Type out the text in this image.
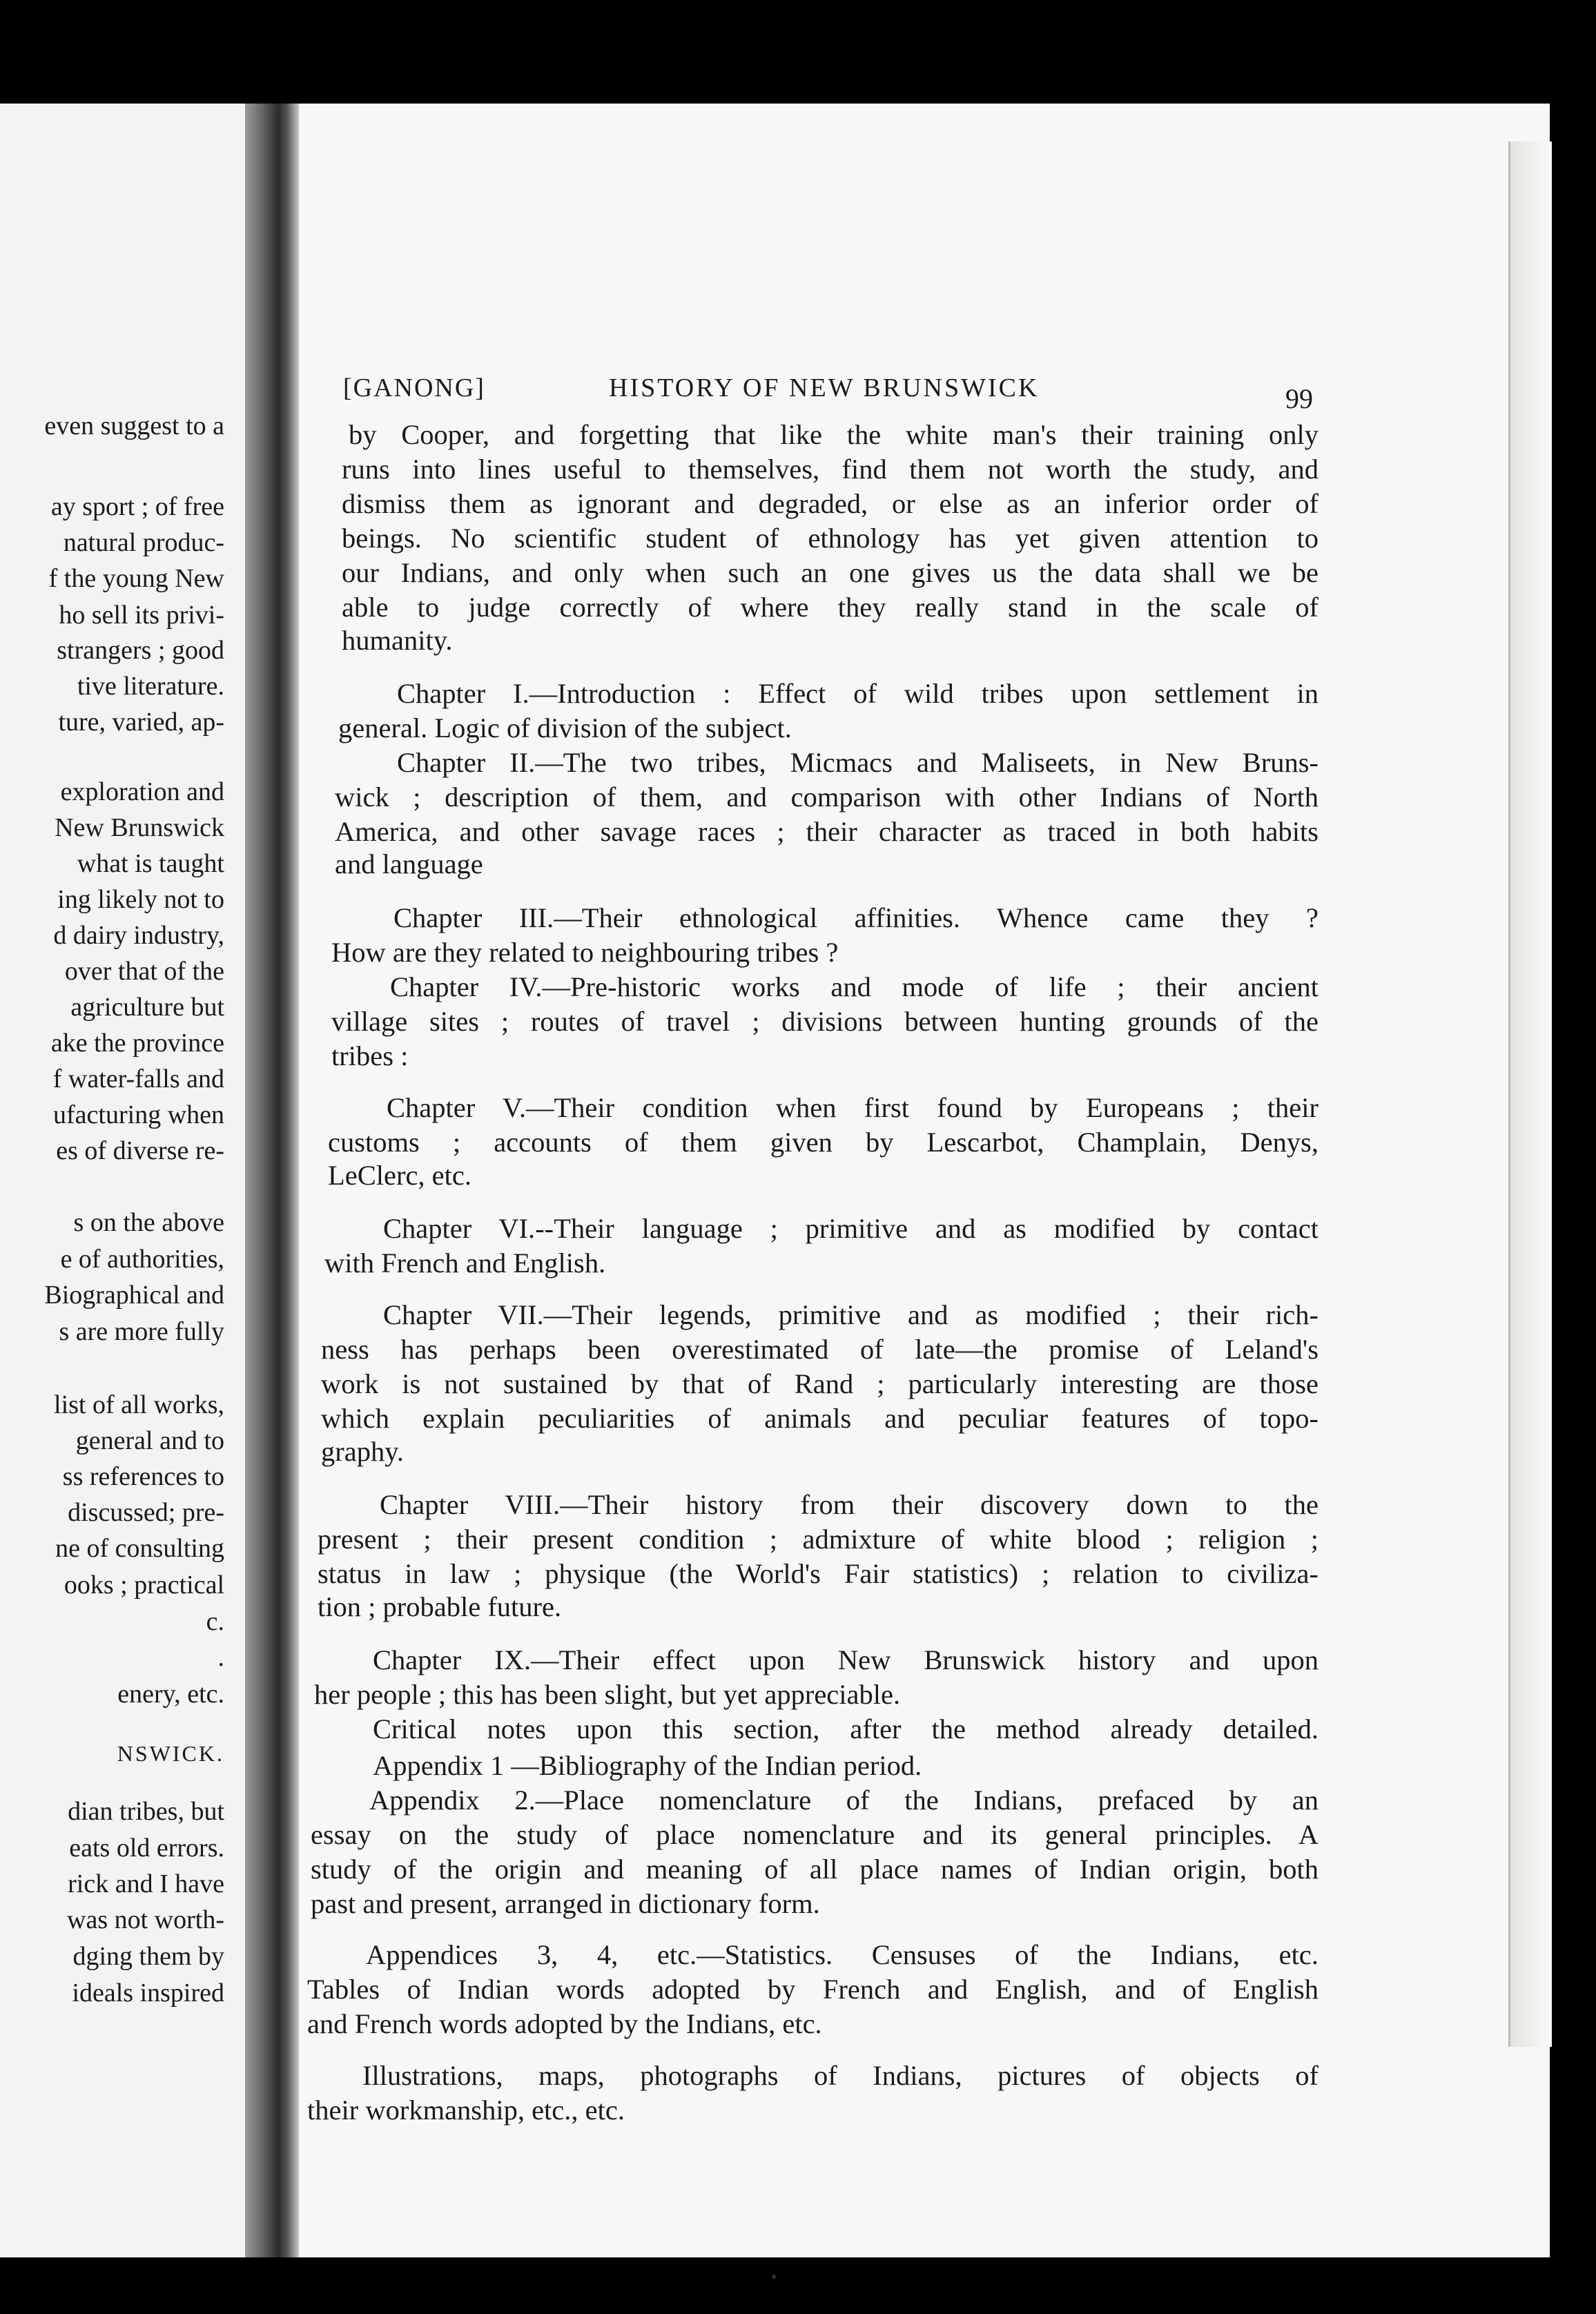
even suggest to a
ay sport ; of free
natural produc-
f the young New
ho sell its privi-
strangers ; good
tive literature.
ture, varied, ap-
exploration and
New Brunswick
what is taught
ing likely not to
d dairy industry,
over that of the
agriculture but
ake the province
f water-falls and
ufacturing when
es of diverse re-
s on the above
e of authorities,
Biographical and
s are more fully
list of all works,
general and to
ss references to
discussed; pre-
ne of consulting
ooks ; practical
c.
.
enery, etc.
NSWICK.
dian tribes, but
eats old errors.
rick and I have
was not worth-
dging them by
ideals inspired
[GANONG]	HISTORY OF NEW BRUNSWICK	99
by Cooper, and forgetting that like the white man's their training only
runs into lines useful to themselves, find them not worth the study, and
dismiss them as ignorant and degraded, or else as an inferior order of
beings. No scientific student of ethnology has yet given attention to
our Indians, and only when such an one gives us the data shall we be
able to judge correctly of where they really stand in the scale of
humanity.
Chapter I.—Introduction : Effect of wild tribes upon settlement in
general. Logic of division of the subject.
Chapter II.—The two tribes, Micmacs and Maliseets, in New Bruns-
wick ; description of them, and comparison with other Indians of North
America, and other savage races ; their character as traced in both habits
and language
Chapter III.—Their ethnological affinities. Whence came they ?
How are they related to neighbouring tribes ?
Chapter IV.—Pre-historic works and mode of life ; their ancient
village sites ; routes of travel ; divisions between hunting grounds of the
tribes :
Chapter V.—Their condition when first found by Europeans ; their
customs ; accounts of them given by Lescarbot, Champlain, Denys,
LeClerc, etc.
Chapter VI.--Their language ; primitive and as modified by contact
with French and English.
Chapter VII.—Their legends, primitive and as modified ; their rich-
ness has perhaps been overestimated of late—the promise of Leland's
work is not sustained by that of Rand ; particularly interesting are those
which explain peculiarities of animals and peculiar features of topo-
graphy.
Chapter VIII.—Their history from their discovery down to the
present ; their present condition ; admixture of white blood ; religion ;
status in law ; physique (the World's Fair statistics) ; relation to civiliza-
tion ; probable future.
Chapter IX.—Their effect upon New Brunswick history and upon
her people ; this has been slight, but yet appreciable.
Critical notes upon this section, after the method already detailed.
Appendix 1 —Bibliography of the Indian period.
Appendix 2.—Place nomenclature of the Indians, prefaced by an
essay on the study of place nomenclature and its general principles. A
study of the origin and meaning of all place names of Indian origin, both
past and present, arranged in dictionary form.
Appendices 3, 4, etc.—Statistics. Censuses of the Indians, etc.
Tables of Indian words adopted by French and English, and of English
and French words adopted by the Indians, etc.
Illustrations, maps, photographs of Indians, pictures of objects of
their workmanship, etc., etc.
